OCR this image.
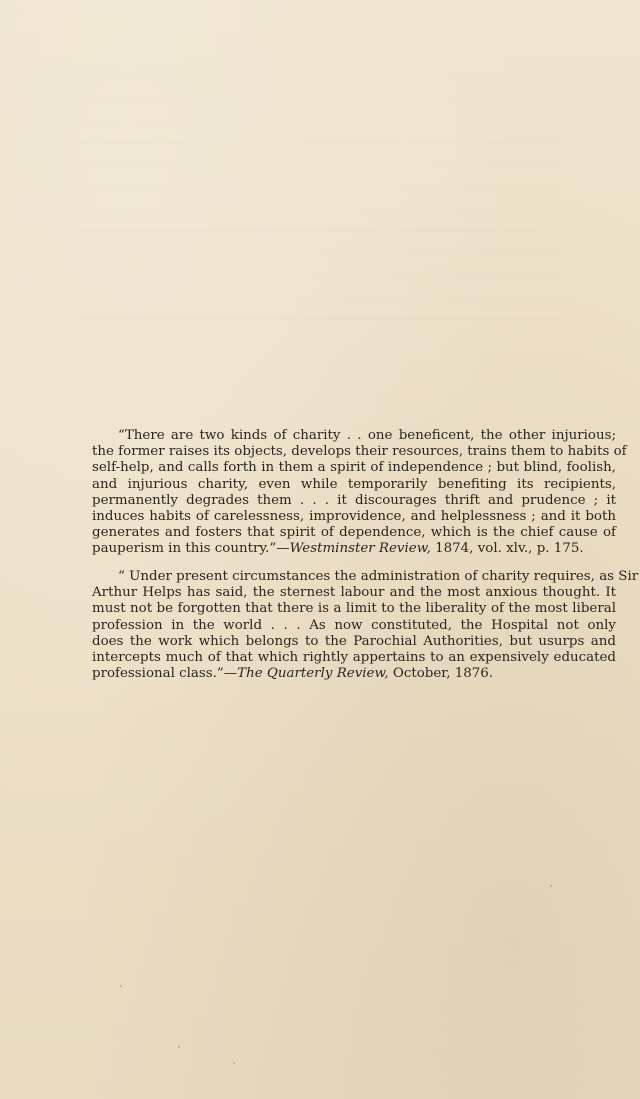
“There are two kinds of charity . . one beneficent, the other injurious;
the former raises its objects, develops their resources, trains them to habits of
self-help, and calls forth in them a spirit of independence ; but blind, foolish,
and injurious charity, even while temporarily benefiting its recipients,
permanently degrades them . . . it discourages thrift and prudence ; it
induces habits of carelessness, improvidence, and helplessness ; and it both
generates and fosters that spirit of dependence, which is the chief cause of
pauperism in this country.”—Westminster Review, 1874, vol. xlv., p. 175.
“ Under present circumstances the administration of charity requires, as Sir
Arthur Helps has said, the sternest labour and the most anxious thought. It
must not be forgotten that there is a limit to the liberality of the most liberal
profession in the world . . . As now constituted, the Hospital not only
does the work which belongs to the Parochial Authorities, but usurps and
intercepts much of that which rightly appertains to an expensively educated
professional class.”—The Quarterly Review, October, 1876.
